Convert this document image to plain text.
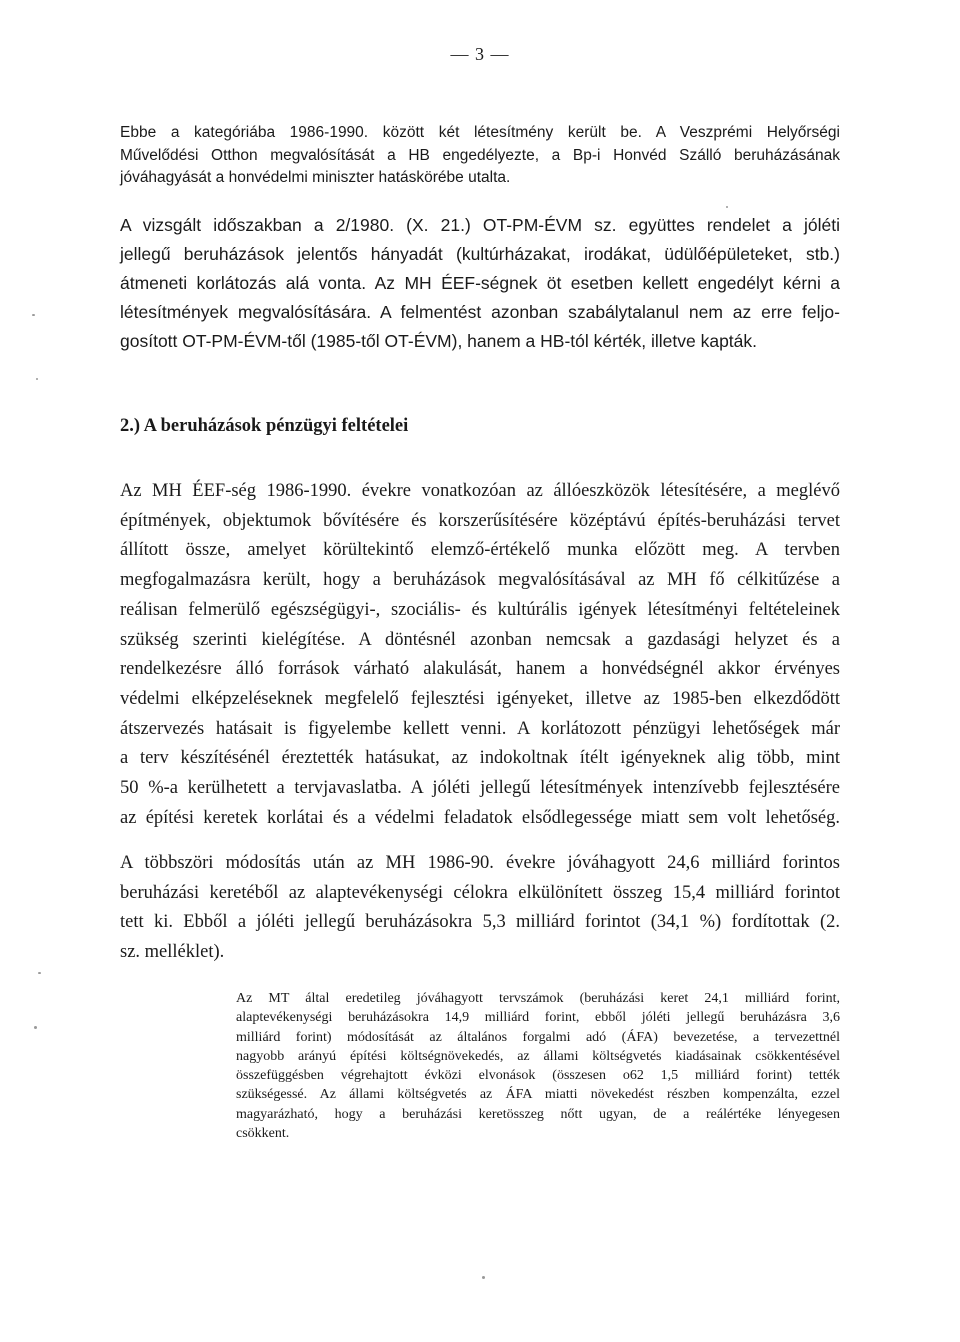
— 3 —
Ebbe a kategóriába 1986-1990. között két létesítmény került be. A Veszprémi Helyőrségi
Művelődési Otthon megvalósítását a HB engedélyezte, a Bp-i Honvéd Szálló beruházásának
jóváhagyását a honvédelmi miniszter hatáskörébe utalta.
A vizsgált időszakban a 2/1980. (X. 21.) OT-PM-ÉVM sz. együttes rendelet a jóléti
jellegű beruházások jelentős hányadát (kultúrházakat, irodákat, üdülőépületeket, stb.)
átmeneti korlátozás alá vonta. Az MH ÉEF-ségnek öt esetben kellett engedélyt kérni a
létesítmények megvalósítására. A felmentést azonban szabálytalanul nem az erre feljo-
gosított OT-PM-ÉVM-től (1985-től OT-ÉVM), hanem a HB-tól kérték, illetve kapták.
2.) A beruházások pénzügyi feltételei
Az MH ÉEF-ség 1986-1990. évekre vonatkozóan az állóeszközök létesítésére, a meglévő
építmények, objektumok bővítésére és korszerűsítésére középtávú építés-beruházási tervet
állított össze, amelyet körültekintő elemző-értékelő munka előzött meg. A tervben
megfogalmazásra került, hogy a beruházások megvalósításával az MH fő célkitűzése a
reálisan felmerülő egészségügyi-, szociális- és kultúrális igények létesítményi feltételeinek
szükség szerinti kielégítése. A döntésnél azonban nemcsak a gazdasági helyzet és a
rendelkezésre álló források várható alakulását, hanem a honvédségnél akkor érvényes
védelmi elképzeléseknek megfelelő fejlesztési igényeket, illetve az 1985-ben elkezdődött
átszervezés hatásait is figyelembe kellett venni. A korlátozott pénzügyi lehetőségek már
a terv készítésénél éreztették hatásukat, az indokoltnak ítélt igényeknek alig több, mint
50 %-a kerülhetett a tervjavaslatba. A jóléti jellegű létesítmények intenzívebb fejlesztésére
az építési keretek korlátai és a védelmi feladatok elsődlegessége miatt sem volt lehetőség.
A többszöri módosítás után az MH 1986-90. évekre jóváhagyott 24,6 milliárd forintos
beruházási keretéből az alaptevékenységi célokra elkülönített összeg 15,4 milliárd forintot
tett ki. Ebből a jóléti jellegű beruházásokra 5,3 milliárd forintot (34,1 %) fordítottak (2.
sz. melléklet).
Az MT által eredetileg jóváhagyott tervszámok (beruházási keret 24,1 milliárd forint,
alaptevékenységi beruházásokra 14,9 milliárd forint, ebből jóléti jellegű beruházásra 3,6
milliárd forint) módosítását az általános forgalmi adó (ÁFA) bevezetése, a tervezettnél
nagyobb arányú építési költségnövekedés, az állami költségvetés kiadásainak csökkentésével
összefüggésben végrehajtott évközi elvonások (összesen o62 1,5 milliárd forint) tették
szükségessé. Az állami költségvetés az ÁFA miatti növekedést részben kompenzálta, ezzel
magyarázható, hogy a beruházási keretösszeg nőtt ugyan, de a reálértéke lényegesen
csökkent.
